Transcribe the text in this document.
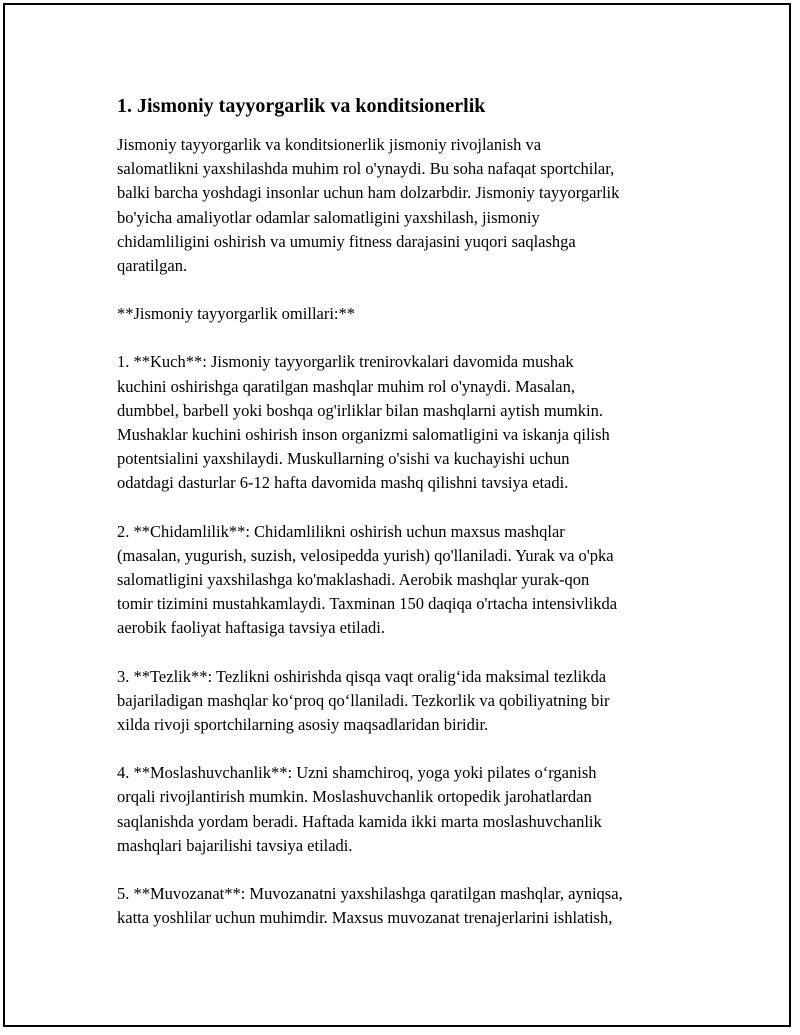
1. Jismoniy tayyorgarlik va konditsionerlik
Jismoniy tayyorgarlik va konditsionerlik jismoniy rivojlanish va
salomatlikni yaxshilashda muhim rol o'ynaydi. Bu soha nafaqat sportchilar,
balki barcha yoshdagi insonlar uchun ham dolzarbdir. Jismoniy tayyorgarlik
bo'yicha amaliyotlar odamlar salomatligini yaxshilash, jismoniy
chidamliligini oshirish va umumiy fitness darajasini yuqori saqlashga
qaratilgan.
**Jismoniy tayyorgarlik omillari:**
1. **Kuch**: Jismoniy tayyorgarlik trenirovkalari davomida mushak
kuchini oshirishga qaratilgan mashqlar muhim rol o'ynaydi. Masalan,
dumbbel, barbell yoki boshqa og'irliklar bilan mashqlarni aytish mumkin.
Mushaklar kuchini oshirish inson organizmi salomatligini va iskanja qilish
potentsialini yaxshilaydi. Muskullarning o'sishi va kuchayishi uchun
odatdagi dasturlar 6-12 hafta davomida mashq qilishni tavsiya etadi.
2. **Chidamlilik**: Chidamlilikni oshirish uchun maxsus mashqlar
(masalan, yugurish, suzish, velosipedda yurish) qo'llaniladi. Yurak va o'pka
salomatligini yaxshilashga ko'maklashadi. Aerobik mashqlar yurak-qon
tomir tizimini mustahkamlaydi. Taxminan 150 daqiqa o'rtacha intensivlikda
aerobik faoliyat haftasiga tavsiya etiladi.
3. **Tezlik**: Tezlikni oshirishda qisqa vaqt oralig‘ida maksimal tezlikda
bajariladigan mashqlar ko‘proq qo‘llaniladi. Tezkorlik va qobiliyatning bir
xilda rivoji sportchilarning asosiy maqsadlaridan biridir.
4. **Moslashuvchanlik**: Uzni shamchiroq, yoga yoki pilates o‘rganish
orqali rivojlantirish mumkin. Moslashuvchanlik ortopedik jarohatlardan
saqlanishda yordam beradi. Haftada kamida ikki marta moslashuvchanlik
mashqlari bajarilishi tavsiya etiladi.
5. **Muvozanat**: Muvozanatni yaxshilashga qaratilgan mashqlar, ayniqsa,
katta yoshlilar uchun muhimdir. Maxsus muvozanat trenajerlarini ishlatish,
